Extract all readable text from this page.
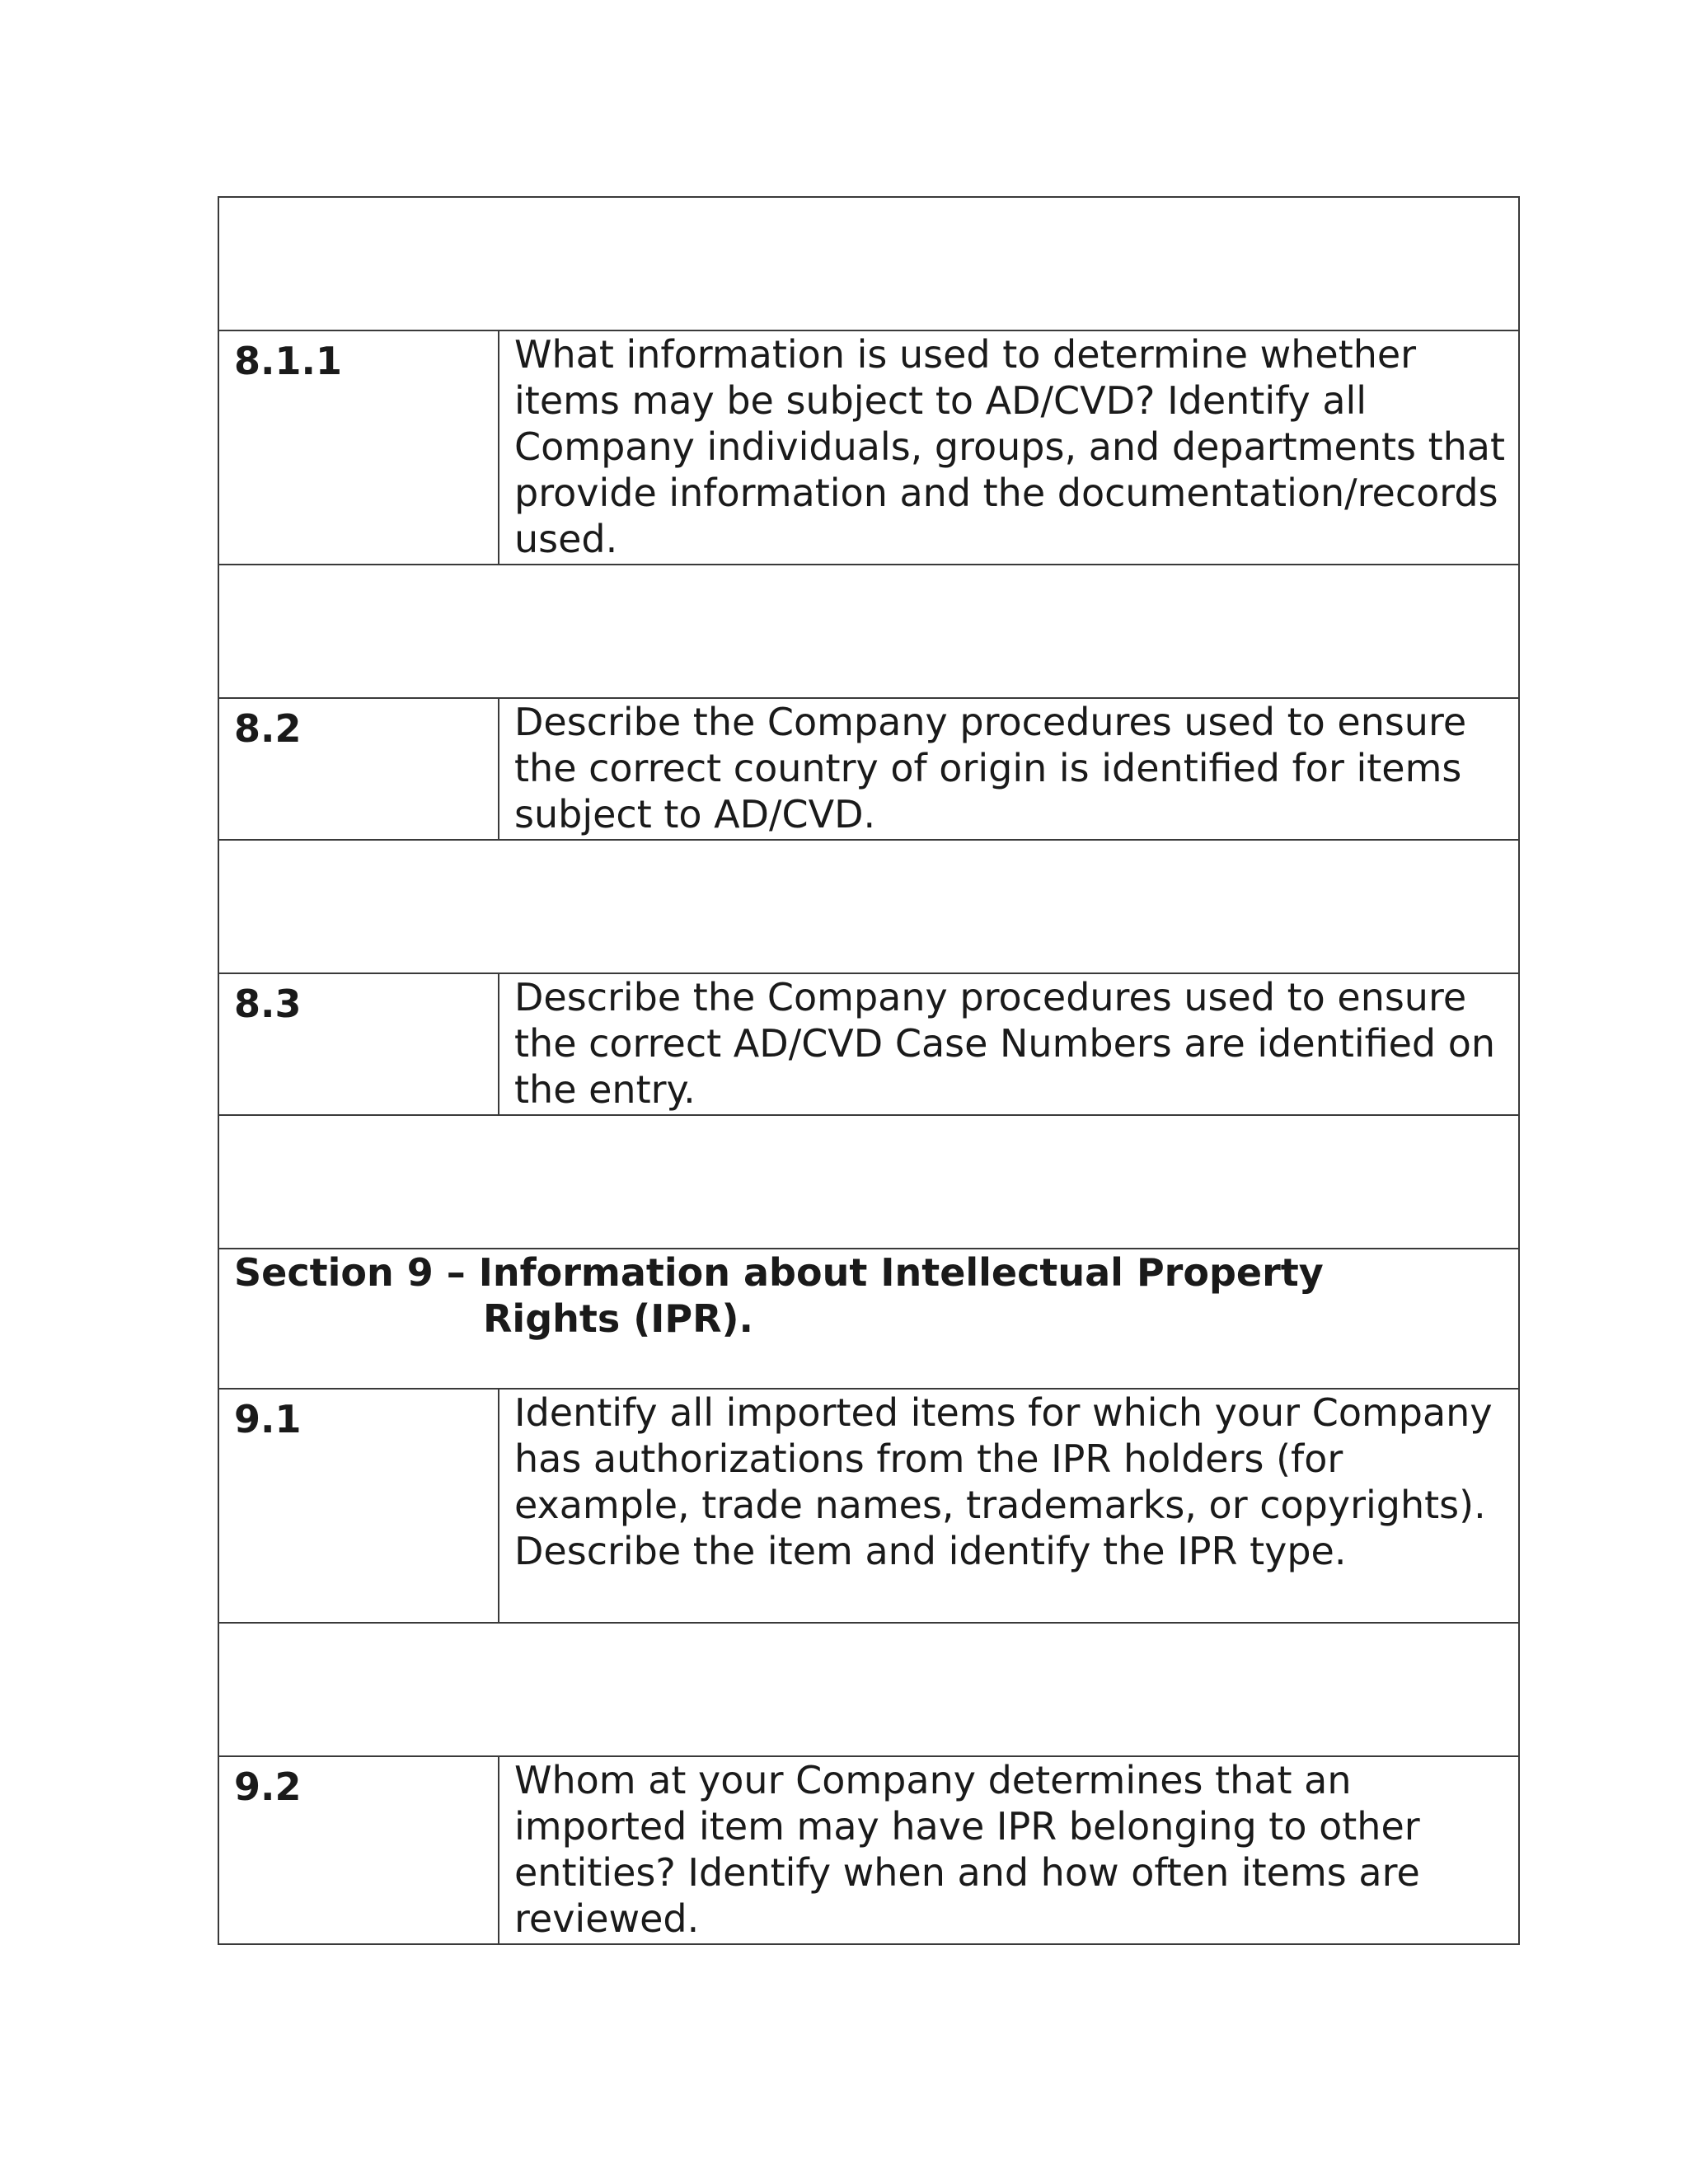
8.1.1	What information is used to determine whether items may be subject to AD/CVD? Identify all Company individuals, groups, and departments that provide information and the documentation/records used.

8.2	Describe the Company procedures used to ensure the correct country of origin is identified for items subject to AD/CVD.

8.3	Describe the Company procedures used to ensure the correct AD/CVD Case Numbers are identified on the entry.

Section 9 – Information about Intellectual Property
Rights (IPR).	

9.1	Identify all imported items for which your Company has authorizations from the IPR holders (for example, trade names, trademarks, or copyrights). Describe the item and identify the IPR type.

9.2	Whom at your Company determines that an imported item may have IPR belonging to other entities? Identify when and how often items are reviewed.
